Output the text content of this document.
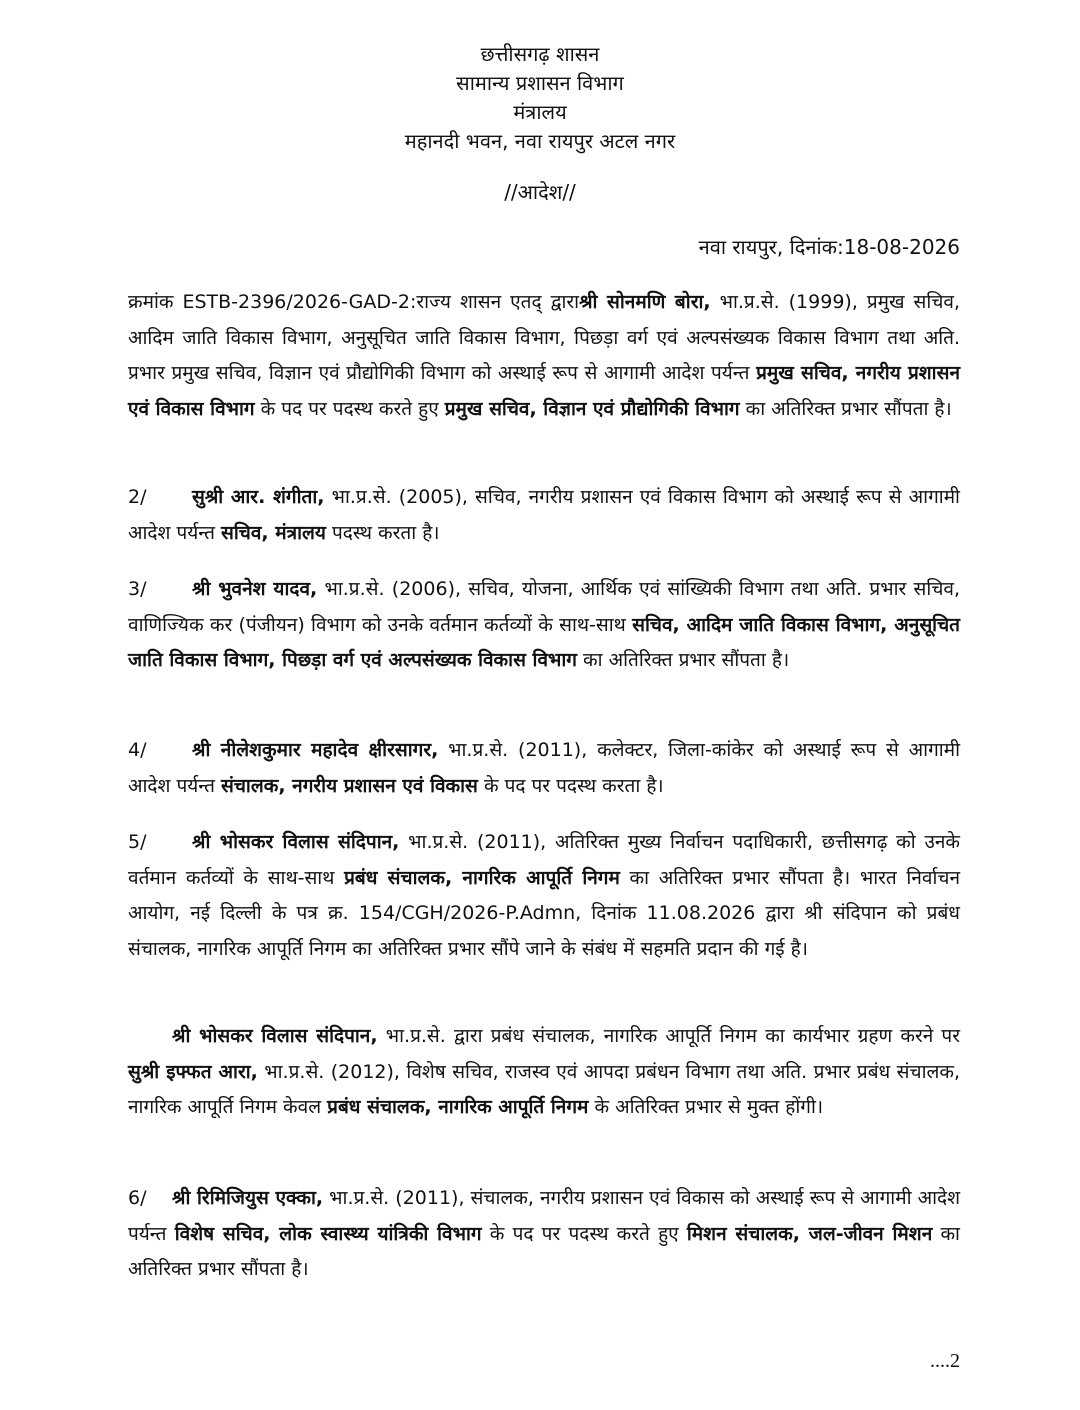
छत्तीसगढ़ शासन
सामान्य प्रशासन विभाग
मंत्रालय
महानदी भवन, नवा रायपुर अटल नगर
//आदेश//
नवा रायपुर, दिनांक:18-08-2026

क्रमांक ESTB-2396/2026-GAD-2:राज्य शासन एतद् द्वाराश्री सोनमणि बोरा, भा.प्र.से. (1999), प्रमुख सचिव, आदिम जाति विकास विभाग, अनुसूचित जाति विकास विभाग, पिछड़ा वर्ग एवं अल्पसंख्यक विकास विभाग तथा अति. प्रभार प्रमुख सचिव, विज्ञान एवं प्रौद्योगिकी विभाग को अस्थाई रूप से आगामी आदेश पर्यन्त प्रमुख सचिव, नगरीय प्रशासन एवं विकास विभाग के पद पर पदस्थ करते हुए प्रमुख सचिव, विज्ञान एवं प्रौद्योगिकी विभाग का अतिरिक्त प्रभार सौंपता है।

2/ सुश्री आर. शंगीता, भा.प्र.से. (2005), सचिव, नगरीय प्रशासन एवं विकास विभाग को अस्थाई रूप से आगामी आदेश पर्यन्त सचिव, मंत्रालय पदस्थ करता है।

3/ श्री भुवनेश यादव, भा.प्र.से. (2006), सचिव, योजना, आर्थिक एवं सांख्यिकी विभाग तथा अति. प्रभार सचिव, वाणिज्यिक कर (पंजीयन) विभाग को उनके वर्तमान कर्तव्यों के साथ-साथ सचिव, आदिम जाति विकास विभाग, अनुसूचित जाति विकास विभाग, पिछड़ा वर्ग एवं अल्पसंख्यक विकास विभाग का अतिरिक्त प्रभार सौंपता है।

4/ श्री नीलेशकुमार महादेव क्षीरसागर, भा.प्र.से. (2011), कलेक्टर, जिला-कांकेर को अस्थाई रूप से आगामी आदेश पर्यन्त संचालक, नगरीय प्रशासन एवं विकास के पद पर पदस्थ करता है।

5/ श्री भोसकर विलास संदिपान, भा.प्र.से. (2011), अतिरिक्त मुख्य निर्वाचन पदाधिकारी, छत्तीसगढ़ को उनके वर्तमान कर्तव्यों के साथ-साथ प्रबंध संचालक, नागरिक आपूर्ति निगम का अतिरिक्त प्रभार सौंपता है। भारत निर्वाचन आयोग, नई दिल्ली के पत्र क्र. 154/CGH/2026-P.Admn, दिनांक 11.08.2026 द्वारा श्री संदिपान को प्रबंध संचालक, नागरिक आपूर्ति निगम का अतिरिक्त प्रभार सौंपे जाने के संबंध में सहमति प्रदान की गई है।

श्री भोसकर विलास संदिपान, भा.प्र.से. द्वारा प्रबंध संचालक, नागरिक आपूर्ति निगम का कार्यभार ग्रहण करने पर सुश्री इफ्फत आरा, भा.प्र.से. (2012), विशेष सचिव, राजस्व एवं आपदा प्रबंधन विभाग तथा अति. प्रभार प्रबंध संचालक, नागरिक आपूर्ति निगम केवल प्रबंध संचालक, नागरिक आपूर्ति निगम के अतिरिक्त प्रभार से मुक्त होंगी।

6/ श्री रिमिजियुस एक्का, भा.प्र.से. (2011), संचालक, नगरीय प्रशासन एवं विकास को अस्थाई रूप से आगामी आदेश पर्यन्त विशेष सचिव, लोक स्वास्थ्य यांत्रिकी विभाग के पद पर पदस्थ करते हुए मिशन संचालक, जल-जीवन मिशन का अतिरिक्त प्रभार सौंपता है।

....2
